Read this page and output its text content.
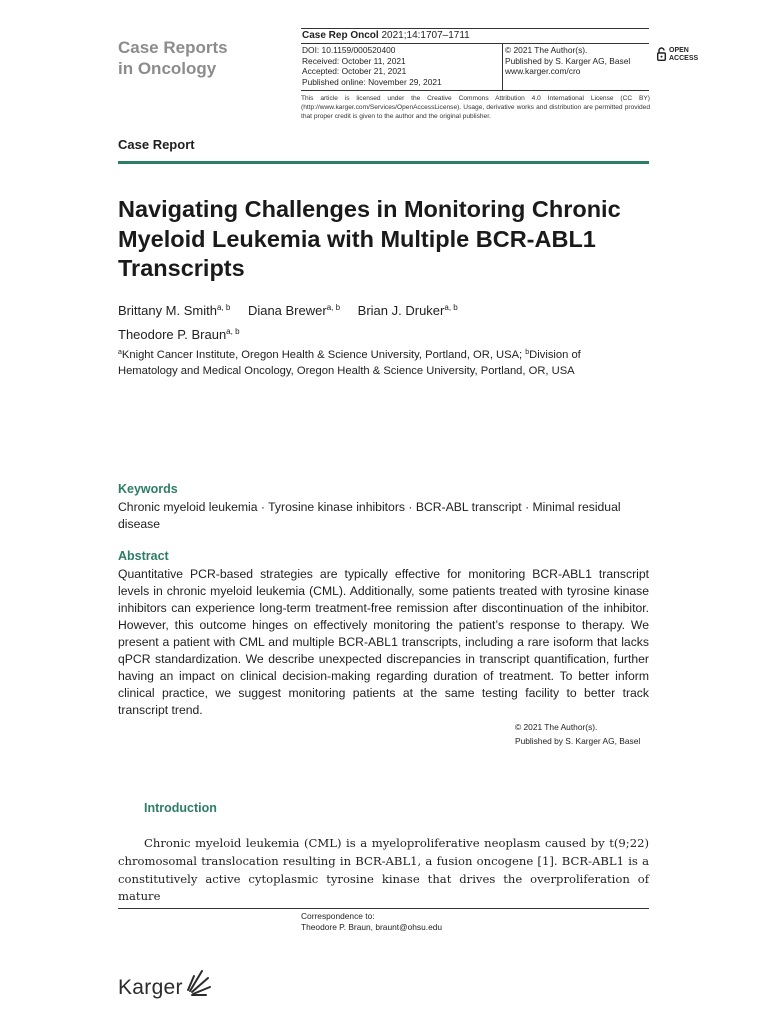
Case Reports
in Oncology
Case Rep Oncol 2021;14:1707–1711
DOI: 10.1159/000520400
Received: October 11, 2021
Accepted: October 21, 2021
Published online: November 29, 2021
© 2021 The Author(s).
Published by S. Karger AG, Basel
www.karger.com/cro
OPEN
ACCESS
This article is licensed under the Creative Commons Attribution 4.0 International License (CC BY) (http://www.karger.com/Services/OpenAccessLicense). Usage, derivative works and distribution are permitted provided that proper credit is given to the author and the original publisher.
Case Report
Navigating Challenges in Monitoring Chronic Myeloid Leukemia with Multiple BCR-ABL1 Transcripts
Brittany M. Smith$^{a, b}$ Diana Brewer$^{a, b}$ Brian J. Druker$^{a, b}$
Theodore P. Braun$^{a, b}$
$^a$Knight Cancer Institute, Oregon Health & Science University, Portland, OR, USA; $^b$Division of Hematology and Medical Oncology, Oregon Health & Science University, Portland, OR, USA
Keywords
Chronic myeloid leukemia · Tyrosine kinase inhibitors · BCR-ABL transcript · Minimal residual disease
Abstract
Quantitative PCR-based strategies are typically effective for monitoring BCR-ABL1 transcript levels in chronic myeloid leukemia (CML). Additionally, some patients treated with tyrosine kinase inhibitors can experience long-term treatment-free remission after discontinuation of the inhibitor. However, this outcome hinges on effectively monitoring the patient’s response to therapy. We present a patient with CML and multiple BCR-ABL1 transcripts, including a rare isoform that lacks qPCR standardization. We describe unexpected discrepancies in transcript quantification, further having an impact on clinical decision-making regarding duration of treatment. To better inform clinical practice, we suggest monitoring patients at the same testing facility to better track transcript trend.
© 2021 The Author(s).
Published by S. Karger AG, Basel
Introduction
Chronic myeloid leukemia (CML) is a myeloproliferative neoplasm caused by t(9;22) chromosomal translocation resulting in BCR-ABL1, a fusion oncogene [1]. BCR-ABL1 is a constitutively active cytoplasmic tyrosine kinase that drives the overproliferation of mature
Correspondence to:
Theodore P. Braun, braunt@ohsu.edu
Karger
